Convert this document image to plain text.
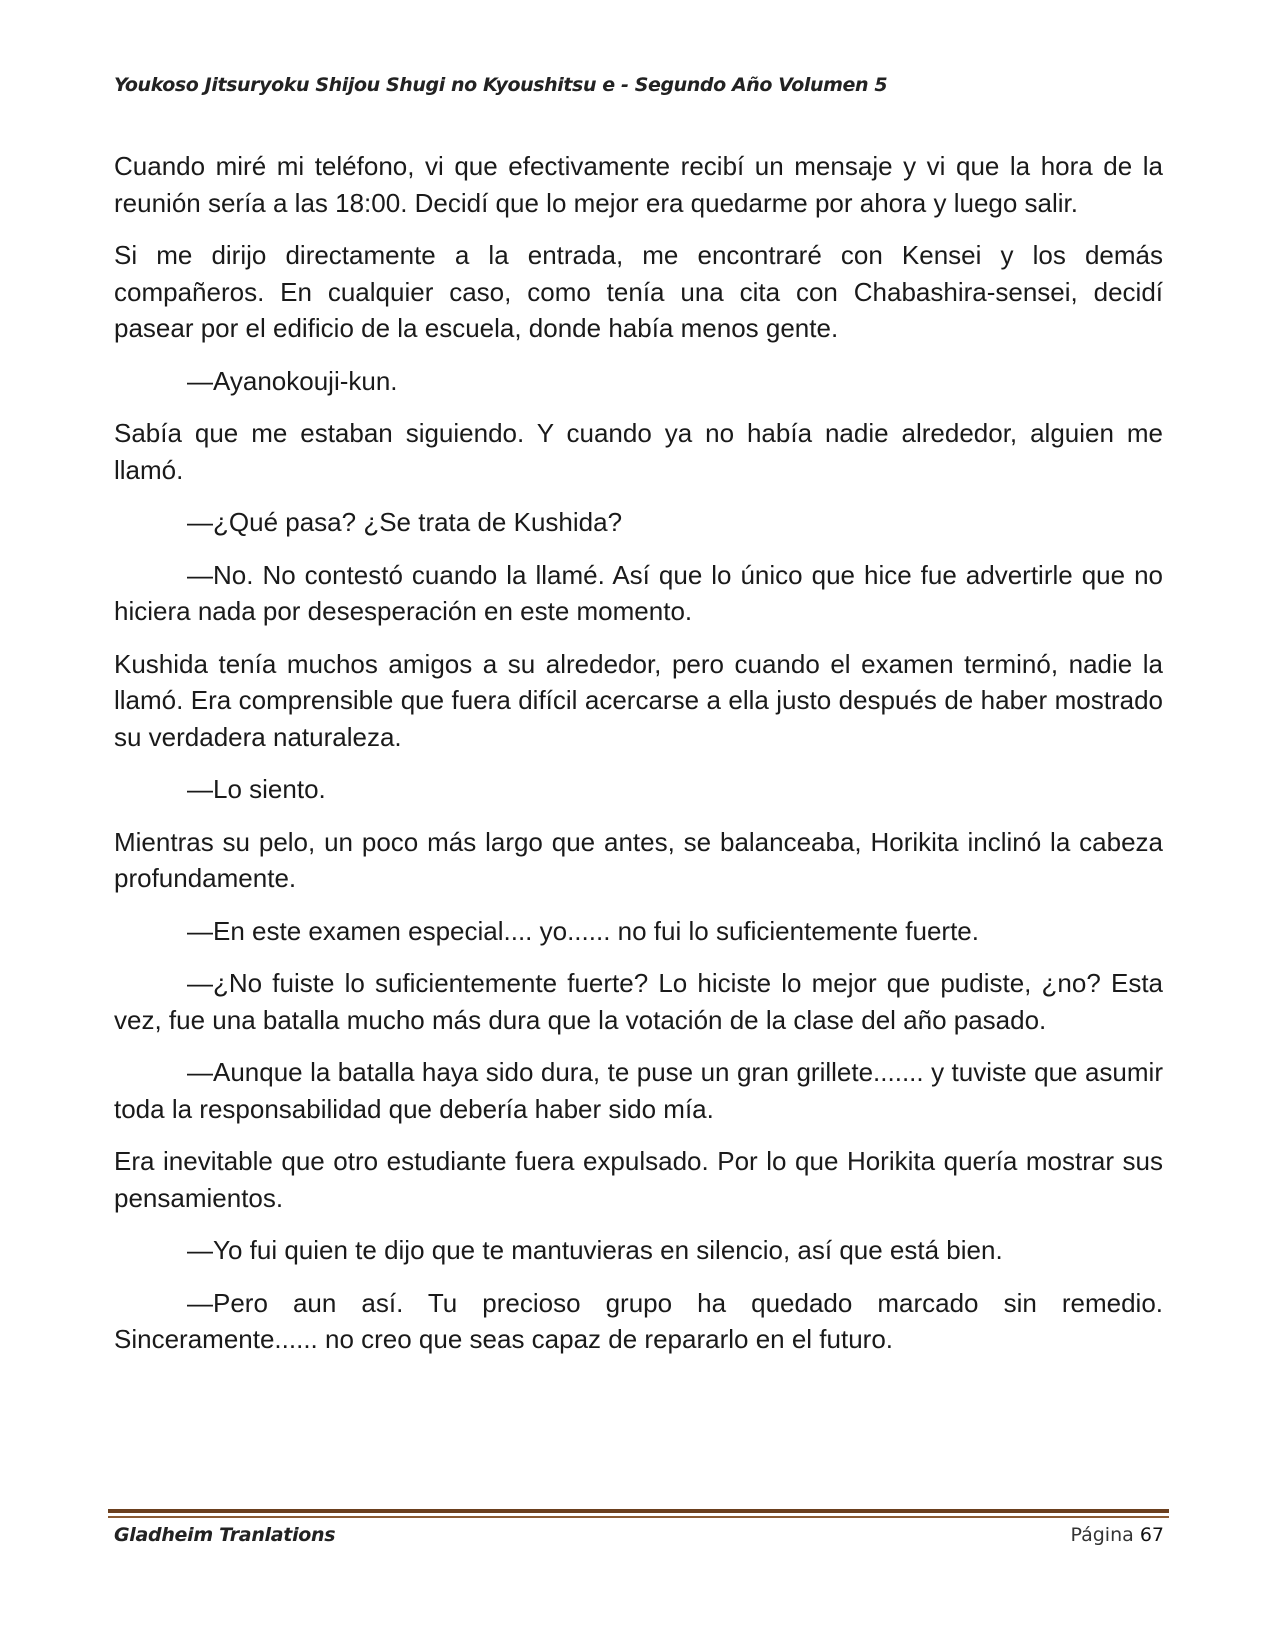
Youkoso Jitsuryoku Shijou Shugi no Kyoushitsu e - Segundo Año Volumen 5

Cuando miré mi teléfono, vi que efectivamente recibí un mensaje y vi que la hora de la reunión sería a las 18:00. Decidí que lo mejor era quedarme por ahora y luego salir.

Si me dirijo directamente a la entrada, me encontraré con Kensei y los demás compañeros. En cualquier caso, como tenía una cita con Chabashira-sensei, decidí pasear por el edificio de la escuela, donde había menos gente.

—Ayanokouji-kun.

Sabía que me estaban siguiendo. Y cuando ya no había nadie alrededor, alguien me llamó.

—¿Qué pasa? ¿Se trata de Kushida?

—No. No contestó cuando la llamé. Así que lo único que hice fue advertirle que no hiciera nada por desesperación en este momento.

Kushida tenía muchos amigos a su alrededor, pero cuando el examen terminó, nadie la llamó. Era comprensible que fuera difícil acercarse a ella justo después de haber mostrado su verdadera naturaleza.

—Lo siento.

Mientras su pelo, un poco más largo que antes, se balanceaba, Horikita inclinó la cabeza profundamente.

—En este examen especial.... yo...... no fui lo suficientemente fuerte.

—¿No fuiste lo suficientemente fuerte? Lo hiciste lo mejor que pudiste, ¿no? Esta vez, fue una batalla mucho más dura que la votación de la clase del año pasado.

—Aunque la batalla haya sido dura, te puse un gran grillete....... y tuviste que asumir toda la responsabilidad que debería haber sido mía.

Era inevitable que otro estudiante fuera expulsado. Por lo que Horikita quería mostrar sus pensamientos.

—Yo fui quien te dijo que te mantuvieras en silencio, así que está bien.

—Pero aun así. Tu precioso grupo ha quedado marcado sin remedio. Sinceramente...... no creo que seas capaz de repararlo en el futuro.

Gladheim Tranlations	Página 67
